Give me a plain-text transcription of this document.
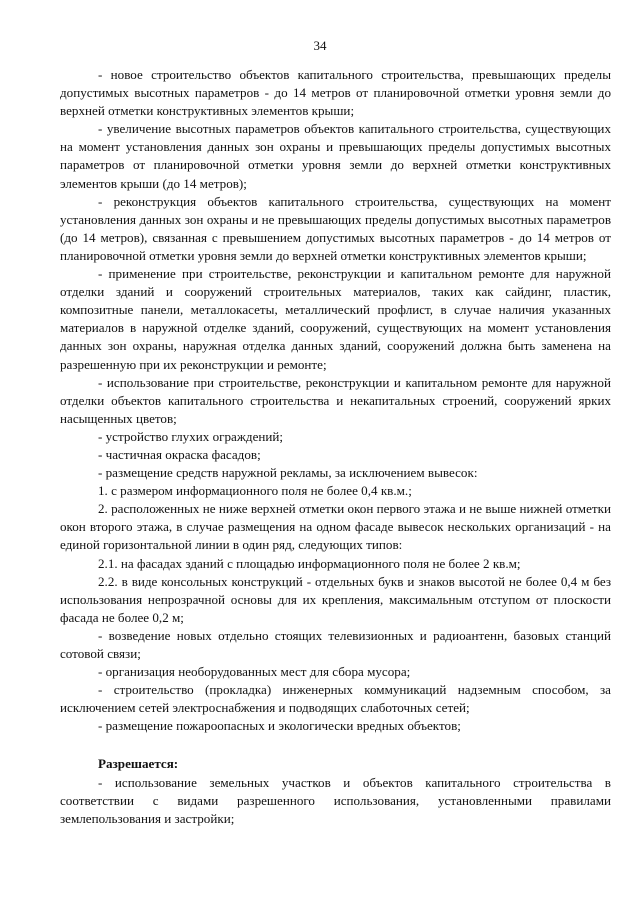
34

- новое строительство объектов капитального строительства, превышающих пределы допустимых высотных параметров - до 14 метров от планировочной отметки уровня земли до верхней отметки конструктивных элементов крыши;

- увеличение высотных параметров объектов капитального строительства, существующих на момент установления данных зон охраны и превышающих пределы допустимых высотных параметров от планировочной отметки уровня земли до верхней отметки конструктивных элементов крыши (до 14 метров);

- реконструкция объектов капитального строительства, существующих на момент установления данных зон охраны и не превышающих пределы допустимых высотных параметров (до 14 метров), связанная с превышением допустимых высотных параметров - до 14 метров от планировочной отметки уровня земли до верхней отметки конструктивных элементов крыши;

- применение при строительстве, реконструкции и капитальном ремонте для наружной отделки зданий и сооружений строительных материалов, таких как сайдинг, пластик, композитные панели, металлокасеты, металлический профлист, в случае наличия указанных материалов в наружной отделке зданий, сооружений, существующих на момент установления данных зон охраны, наружная отделка данных зданий, сооружений должна быть заменена на разрешенную при их реконструкции и ремонте;

- использование при строительстве, реконструкции и капитальном ремонте для наружной отделки объектов капитального строительства и некапитальных строений, сооружений ярких насыщенных цветов;

- устройство глухих ограждений;

- частичная окраска фасадов;

- размещение средств наружной рекламы, за исключением вывесок:

1. с размером информационного поля не более 0,4 кв.м.;

2. расположенных не ниже верхней отметки окон первого этажа и не выше нижней отметки окон второго этажа, в случае размещения на одном фасаде вывесок нескольких организаций - на единой горизонтальной линии в один ряд, следующих типов:

2.1. на фасадах зданий с площадью информационного поля не более 2 кв.м;

2.2. в виде консольных конструкций - отдельных букв и знаков высотой не более 0,4 м без использования непрозрачной основы для их крепления, максимальным отступом от плоскости фасада не более 0,2 м;

- возведение новых отдельно стоящих телевизионных и радиоантенн, базовых станций сотовой связи;

- организация необорудованных мест для сбора мусора;

- строительство (прокладка) инженерных коммуникаций надземным способом, за исключением сетей электроснабжения и подводящих слаботочных сетей;

- размещение пожароопасных и экологически вредных объектов;

Разрешается:

- использование земельных участков и объектов капитального строительства в соответствии с видами разрешенного использования, установленными правилами землепользования и застройки;
